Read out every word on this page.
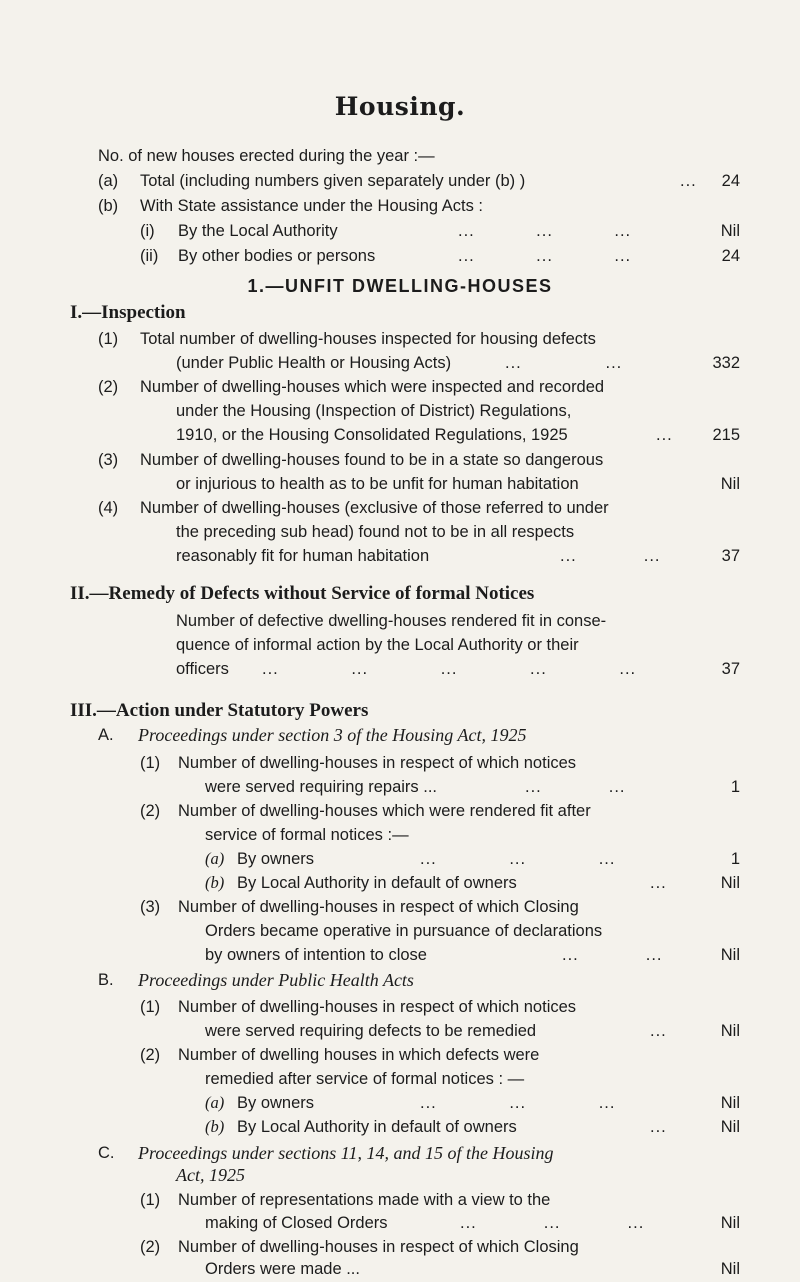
Housing.
No. of new houses erected during the year :—
(a) Total (including numbers given separately under (b) )	... 24
(b) With State assistance under the Housing Acts :
(i) By the Local Authority	...           ...           ...	Nil
(ii) By other bodies or persons	...           ...           ...	24
1.—UNFIT DWELLING-HOUSES
I.—Inspection
(1) Total number of dwelling-houses inspected for housing defects
(under Public Health or Housing Acts)	...               ...	332
(2) Number of dwelling-houses which were inspected and recorded
under the Housing (Inspection of District) Regulations,
1910, or the Housing Consolidated Regulations, 1925	... 215
(3) Number of dwelling-houses found to be in a state so dangerous
or injurious to health as to be unfit for human habitation	Nil
(4) Number of dwelling-houses (exclusive of those referred to under
the preceding sub head) found not to be in all respects
reasonably fit for human habitation	...            ...	37
II.—Remedy of Defects without Service of formal Notices
Number of defective dwelling-houses rendered fit in conse-
quence of informal action by the Local Authority or their
officers ...             ...             ...             ...             ...	37
III.—Action under Statutory Powers
A. Proceedings under section 3 of the Housing Act, 1925
(1) Number of dwelling-houses in respect of which notices
were served requiring repairs ...	...            ...	1
(2) Number of dwelling-houses which were rendered fit after
service of formal notices :—
(a) By owners	...             ...             ...	1
(b) By Local Authority in default of owners	...	Nil
(3) Number of dwelling-houses in respect of which Closing
Orders became operative in pursuance of declarations
by owners of intention to close	...            ...	Nil
B. Proceedings under Public Health Acts
(1) Number of dwelling-houses in respect of which notices
were served requiring defects to be remedied	...	Nil
(2) Number of dwelling houses in which defects were
remedied after service of formal notices : —
(a) By owners	...             ...             ...	Nil
(b) By Local Authority in default of owners	...	Nil
C. Proceedings under sections 11, 14, and 15 of the Housing
Act, 1925
(1) Number of representations made with a view to the
making of Closed Orders	...            ...            ...	Nil
(2) Number of dwelling-houses in respect of which Closing
Orders were made ...	Nil
